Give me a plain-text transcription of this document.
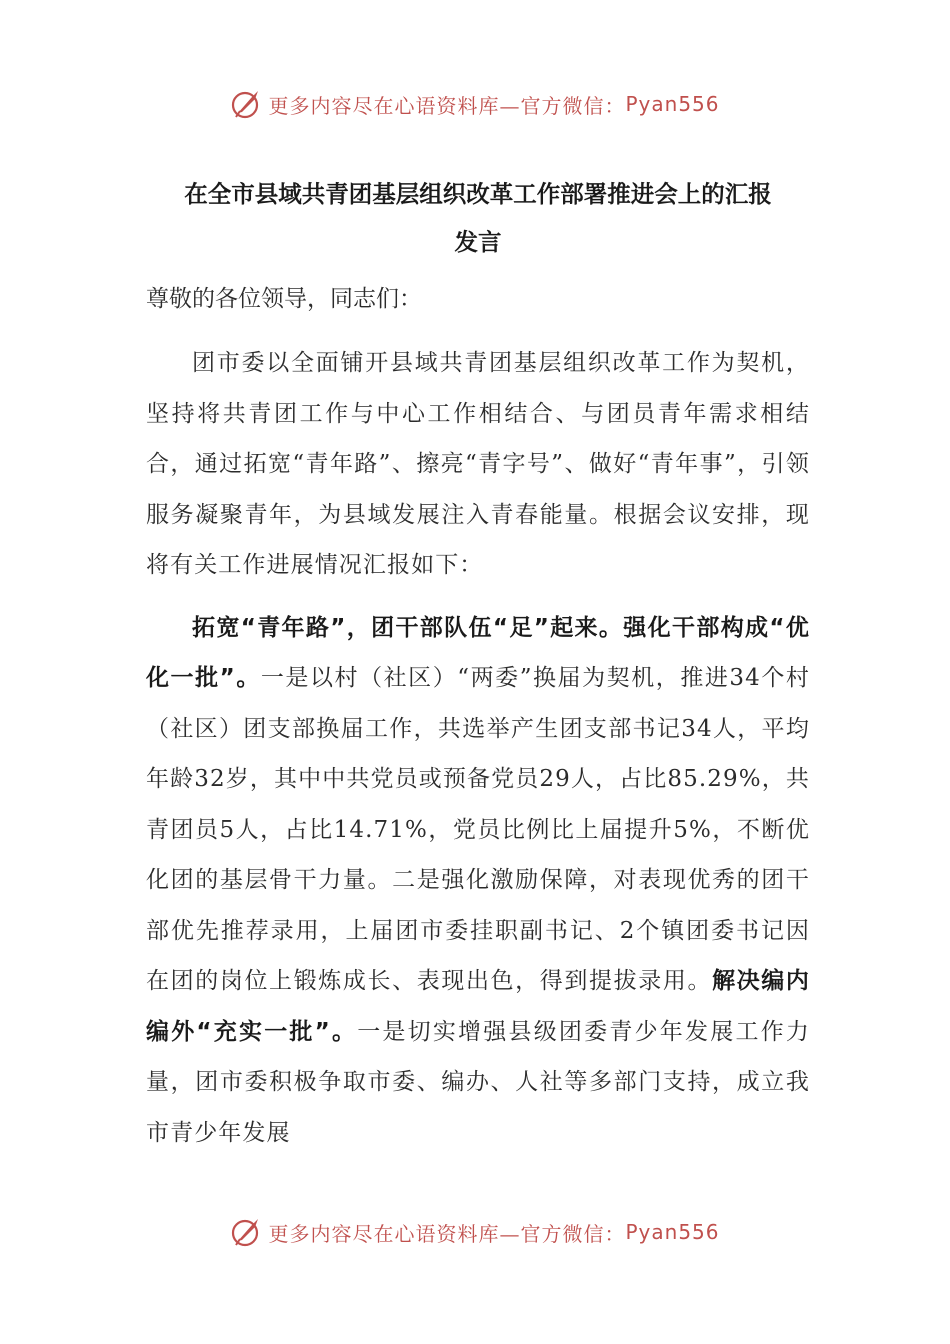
更多内容尽在心语资料库—官方微信： Pyan556

在全市县域共青团基层组织改革工作部署推进会上的汇报

发言

尊敬的各位领导，同志们：

团市委以全面铺开县域共青团基层组织改革工作为契机，坚持将共青团工作与中心工作相结合、与团员青年需求相结合，通过拓宽“青年路”、擦亮“青字号”、做好“青年事”，引领服务凝聚青年，为县域发展注入青春能量。根据会议安排，现将有关工作进展情况汇报如下：

拓宽“青年路”，团干部队伍“足”起来。强化干部构成“优化一批”。一是以村（社区）“两委”换届为契机，推进34个村（社区）团支部换届工作，共选举产生团支部书记34人，平均年龄32岁，其中中共党员或预备党员29人，占比85.29%，共青团员5人，占比14.71%，党员比例比上届提升5%，不断优化团的基层骨干力量。二是强化激励保障，对表现优秀的团干部优先推荐录用，上届团市委挂职副书记、2个镇团委书记因在团的岗位上锻炼成长、表现出色，得到提拔录用。解决编内编外“充实一批”。一是切实增强县级团委青少年发展工作力量，团市委积极争取市委、编办、人社等多部门支持，成立我市青少年发展

更多内容尽在心语资料库—官方微信： Pyan556
